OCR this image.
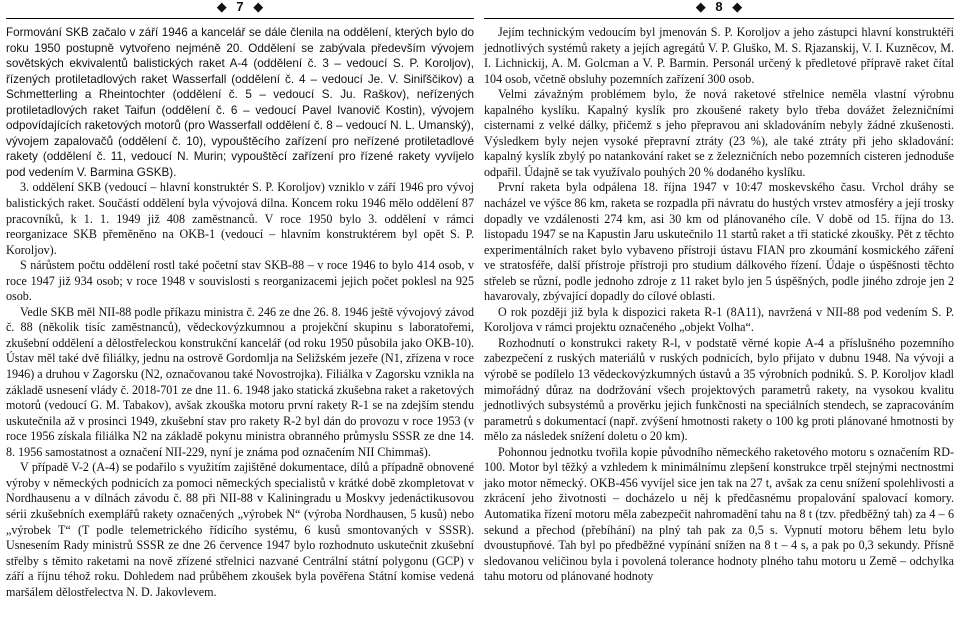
◆ 7 ◆

Formování SKB začalo v září 1946 a kancelář se dále členila na oddělení, kterých bylo do roku 1950 postupně vytvořeno nejméně 20. Oddělení se zabývala především vývojem sovětských ekvivalentů balistických raket A-4 (oddělení č. 3 – vedoucí S. P. Koroljov), řízených protiletadlových raket Wasserfall (oddělení č. 4 – vedoucí Je. V. Siniľščikov) a Schmetterling a Rheintochter (oddělení č. 5 – vedoucí S. Ju. Raškov), neřízených protiletadlových raket Taifun (oddělení č. 6 – vedoucí Pavel Ivanovič Kostin), vývojem odpovídajících raketových motorů (pro Wasserfall oddělení č. 8 – vedoucí N. L. Umanský), vývojem zapalovačů (oddělení č. 10), vypouštěcího zařízení pro neřízené protiletadlové rakety (oddělení č. 11, vedoucí N. Murin; vypouštěcí zařízení pro řízené rakety vyvíjelo pod vedením V. Barmina GSKB).

3. oddělení SKB (vedoucí – hlavní konstruktér S. P. Koroljov) vzniklo v září 1946 pro vývoj balistických raket. Součástí oddělení byla vývojová dílna. Koncem roku 1946 mělo oddělení 87 pracovníků, k 1. 1. 1949 již 408 zaměstnanců. V roce 1950 bylo 3. oddělení v rámci reorganizace SKB přeměněno na OKB-1 (vedoucí – hlavním konstruktérem byl opět S. P. Koroljov).

S nárůstem počtu oddělení rostl také početní stav SKB-88 – v roce 1946 to bylo 414 osob, v roce 1947 již 934 osob; v roce 1948 v souvislosti s reorganizacemi jejich počet poklesl na 925 osob.

Vedle SKB měl NII-88 podle příkazu ministra č. 246 ze dne 26. 8. 1946 ještě vývojový závod č. 88 (několik tisíc zaměstnanců), vědeckovýzkumnou a projekční skupinu s laboratořemi, zkušební oddělení a dělostřeleckou konstrukční kancelář (od roku 1950 působila jako OKB-10). Ústav měl také dvě filiálky, jednu na ostrově Gordomlja na Seližském jezeře (N1, zřízena v roce 1946) a druhou v Zagorsku (N2, označovanou také Novostrojka). Filiálka v Zagorsku vznikla na základě usnesení vlády č. 2018-701 ze dne 11. 6. 1948 jako statická zkušebna raket a raketových motorů (vedoucí G. M. Tabakov), avšak zkouška motoru první rakety R-1 se na zdejším stendu uskutečnila až v prosinci 1949, zkušební stav pro rakety R-2 byl dán do provozu v roce 1953 (v roce 1956 získala filiálka N2 na základě pokynu ministra obranného průmyslu SSSR ze dne 14. 8. 1956 samostatnost a označení NII-229, nyní je známa pod označením NII Chimmaš).

V případě V-2 (A-4) se podařilo s využitím zajištěné dokumentace, dílů a případně obnovené výroby v německých podnicích za pomoci německých specialistů v krátké době zkompletovat v Nordhausenu a v dílnách závodu č. 88 při NII-88 v Kaliningradu u Moskvy jedenáctikusovou sérii zkušebních exemplářů rakety označených „výrobek N“ (výroba Nordhausen, 5 kusů) nebo „výrobek T“ (T podle telemetrického řídicího systému, 6 kusů smontovaných v SSSR). Usnesením Rady ministrů SSSR ze dne 26 července 1947 bylo rozhodnuto uskutečnit zkušební střelby s těmito raketami na nově zřízené střelnici nazvané Centrální státní polygonu (GCP) v září a říjnu téhož roku. Dohledem nad průběhem zkoušek byla pověřena Státní komise vedená maršálem dělostřelectva N. D. Jakovlevem.

◆ 8 ◆

Jejím technickým vedoucím byl jmenován S. P. Koroljov a jeho zástupci hlavní konstruktéři jednotlivých systémů rakety a jejích agregátů V. P. Gluško, M. S. Rjazanskij, V. I. Kuzněcov, M. I. Lichnickij, A. M. Golcman a V. P. Barmin. Personál určený k předletové přípravě raket čítal 104 osob, včetně obsluhy pozemních zařízení 300 osob.

Velmi závažným problémem bylo, že nová raketové střelnice neměla vlastní výrobnu kapalného kyslíku. Kapalný kyslík pro zkoušené rakety bylo třeba dovážet železničními cisternami z velké dálky, přičemž s jeho přepravou ani skladováním nebyly žádné zkušenosti. Výsledkem byly nejen vysoké přepravní ztráty (23 %), ale také ztráty při jeho skladování: kapalný kyslík zbylý po natankování raket se z železničních nebo pozemních cisteren jednoduše odpařil. Údajně se tak využívalo pouhých 20 % dodaného kyslíku.

První raketa byla odpálena 18. října 1947 v 10:47 moskevského času. Vrchol dráhy se nacházel ve výšce 86 km, raketa se rozpadla při návratu do hustých vrstev atmosféry a její trosky dopadly ve vzdálenosti 274 km, asi 30 km od plánovaného cíle. V době od 15. října do 13. listopadu 1947 se na Kapustin Jaru uskutečnilo 11 startů raket a tři statické zkoušky. Pět z těchto experimentálních raket bylo vybaveno přístroji ústavu FIAN pro zkoumání kosmického záření ve stratosféře, další přístroje přístroji pro studium dálkového řízení. Údaje o úspěšnosti těchto střeleb se různí, podle jednoho zdroje z 11 raket bylo jen 5 úspěšných, podle jiného zdroje jen 2 havarovaly, zbývající dopadly do cílové oblasti.

O rok později již byla k dispozici raketa R-1 (8A11), navržená v NII-88 pod vedením S. P. Koroljova v rámci projektu označeného „objekt Volha“.

Rozhodnutí o konstrukci rakety R-l, v podstatě věrné kopie A-4 a příslušného pozemního zabezpečení z ruských materiálů v ruských podnicích, bylo přijato v dubnu 1948. Na vývoji a výrobě se podílelo 13 vědeckovýzkumných ústavů a 35 výrobních podniků. S. P. Koroljov kladl mimořádný důraz na dodržování všech projektových parametrů rakety, na vysokou kvalitu jednotlivých subsystémů a prověrku jejich funkčnosti na speciálních stendech, se zapracováním parametrů s dokumentací (např. zvýšení hmotnosti rakety o 100 kg proti plánované hmotnosti by mělo za následek snížení doletu o 20 km).

Pohonnou jednotku tvořila kopie původního německého raketového motoru s označením RD-100. Motor byl těžký a vzhledem k minimálnímu zlepšení konstrukce trpěl stejnými nectnostmi jako motor německý. OKB-456 vyvíjel sice jen tak na 27 t, avšak za cenu snížení spolehlivosti a zkrácení jeho životnosti – docházelo u něj k předčasnému propalování spalovací komory. Automatika řízení motoru měla zabezpečit nahromadění tahu na 8 t (tzv. předběžný tah) za 4 – 6 sekund a přechod (přebíhání) na plný tah pak za 0,5 s. Vypnutí motoru během letu bylo dvoustupňové. Tah byl po předběžné vypínání snížen na 8 t – 4 s, a pak po 0,3 sekundy. Přísně sledovanou veličinou byla i povolená tolerance hodnoty plného tahu motoru u Země – odchylka tahu motoru od plánované hodnoty
